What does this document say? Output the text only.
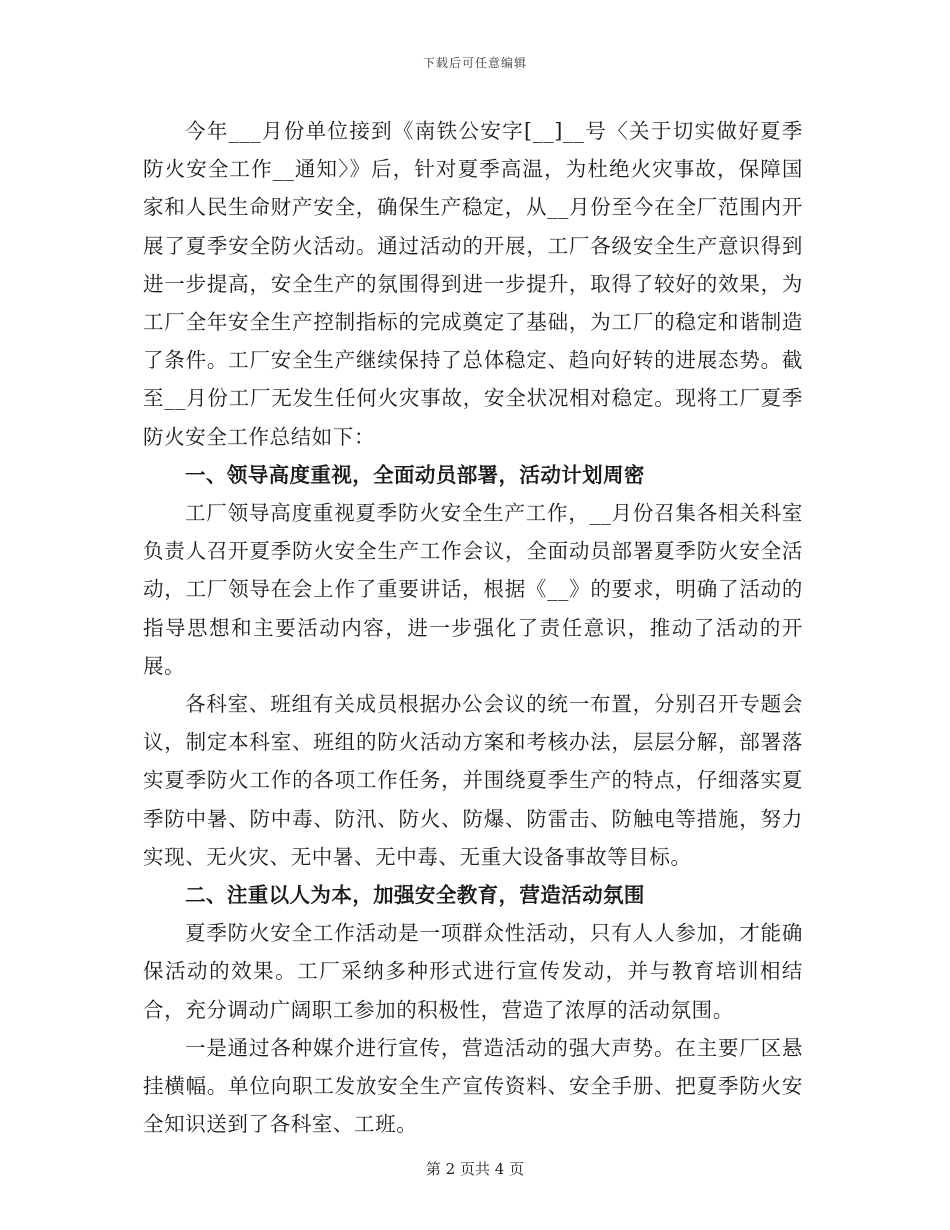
下载后可任意编辑

今年___月份单位接到《南铁公安字[__]__号〈关于切实做好夏季防火安全工作__通知〉》后，针对夏季高温，为杜绝火灾事故，保障国家和人民生命财产安全，确保生产稳定，从__月份至今在全厂范围内开展了夏季安全防火活动。通过活动的开展，工厂各级安全生产意识得到进一步提高，安全生产的氛围得到进一步提升，取得了较好的效果，为工厂全年安全生产控制指标的完成奠定了基础，为工厂的稳定和谐制造了条件。工厂安全生产继续保持了总体稳定、趋向好转的进展态势。截至__月份工厂无发生任何火灾事故，安全状况相对稳定。现将工厂夏季防火安全工作总结如下：

一、领导高度重视，全面动员部署，活动计划周密

工厂领导高度重视夏季防火安全生产工作，__月份召集各相关科室负责人召开夏季防火安全生产工作会议，全面动员部署夏季防火安全活动，工厂领导在会上作了重要讲话，根据《__》的要求，明确了活动的指导思想和主要活动内容，进一步强化了责任意识，推动了活动的开展。

各科室、班组有关成员根据办公会议的统一布置，分别召开专题会议，制定本科室、班组的防火活动方案和考核办法，层层分解，部署落实夏季防火工作的各项工作任务，并围绕夏季生产的特点，仔细落实夏季防中暑、防中毒、防汛、防火、防爆、防雷击、防触电等措施，努力实现、无火灾、无中暑、无中毒、无重大设备事故等目标。

二、注重以人为本，加强安全教育，营造活动氛围

夏季防火安全工作活动是一项群众性活动，只有人人参加，才能确保活动的效果。工厂采纳多种形式进行宣传发动，并与教育培训相结合，充分调动广阔职工参加的积极性，营造了浓厚的活动氛围。

一是通过各种媒介进行宣传，营造活动的强大声势。在主要厂区悬挂横幅。单位向职工发放安全生产宣传资料、安全手册、把夏季防火安全知识送到了各科室、工班。

第 2 页共 4 页
